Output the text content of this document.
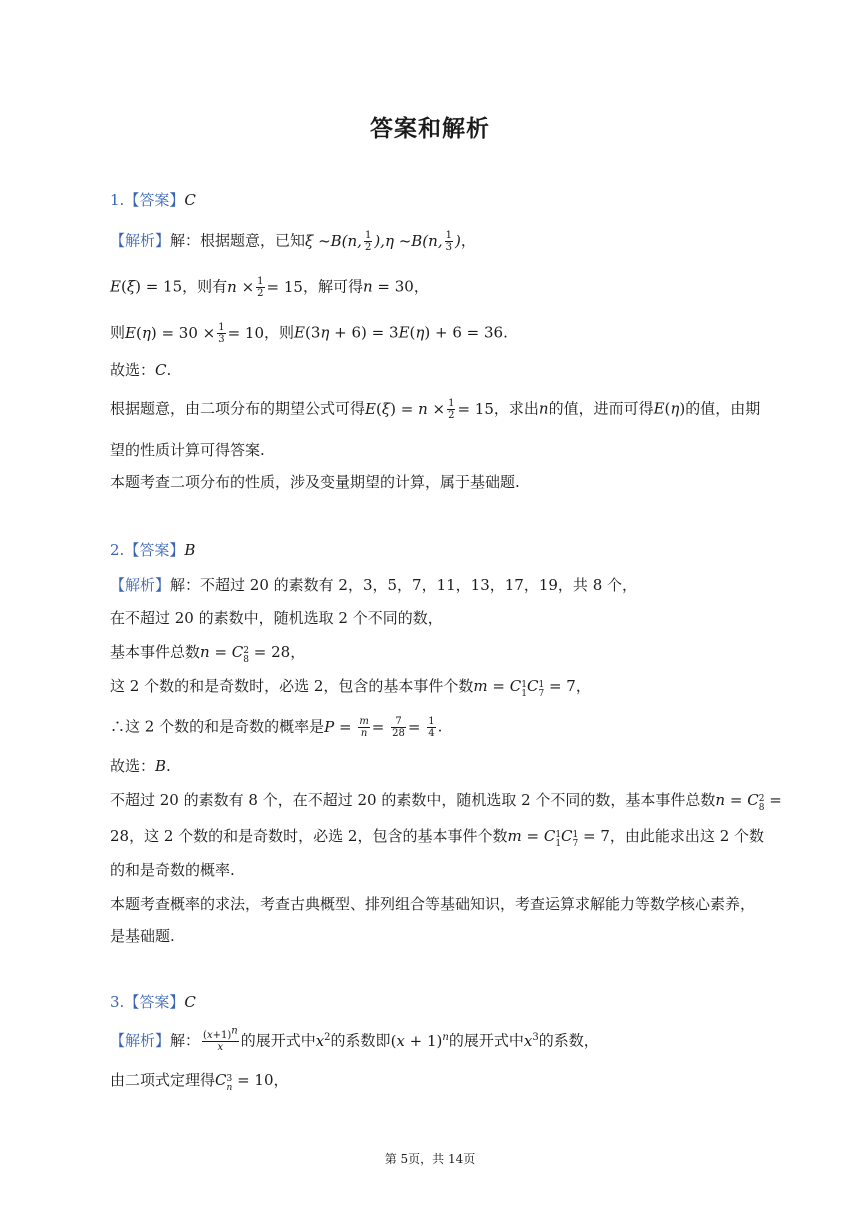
答案和解析
1.【答案】C
【解析】解：根据题意，已知ξ ~B(n, $\frac{1}{2} ),\eta$ ~B(n, $\frac{1}{3}$ )，
E(ξ) = 15，则有$n \times \frac{1}{2} = 15$，解可得n = 30，
则$E(\eta) = 30 \times \frac{1}{3} = 10$，则E(3η + 6) = 3E(η) + 6 = 36.
故选：C.
根据题意，由二项分布的期望公式可得$E(\xi) = n \times \frac{1}{2} = 15$，求出n的值，进而可得E(η)的值，由期
望的性质计算可得答案.
本题考查二项分布的性质，涉及变量期望的计算，属于基础题.
2.【答案】B
【解析】解：不超过 20 的素数有 2，3，5，7，11，13，17，19，共 8 个，
在不超过 20 的素数中，随机选取 2 个不同的数，
基本事件总数n = C 2
8 = 28，
这 2 个数的和是奇数时，必选 2，包含的基本事件个数m = C 1
1 C 1
7 = 7，
∴这 2 个数的和是奇数的概率是$P = \frac{m}{n} = \frac{7}{28} = \frac{1}{4}$ .
故选：B.
不超过 20 的素数有 8 个，在不超过 20 的素数中，随机选取 2 个不同的数，基本事件总数n = C 2
8 =
28，这 2 个数的和是奇数时，必选 2，包含的基本事件个数m = C 1
1 C 1
7 = 7，由此能求出这 2 个数
的和是奇数的概率.
本题考查概率的求法，考查古典概型、排列组合等基础知识，考查运算求解能力等数学核心素养，
是基础题.
3.【答案】C
【解析】解： $\frac{(x+1)^n}{x}$ 的展开式中$x^2$的系数即$(x + 1)^n$的展开式中$x^3$的系数，
由二项式定理得C 3
n = 10，
第 5页，共 14页
